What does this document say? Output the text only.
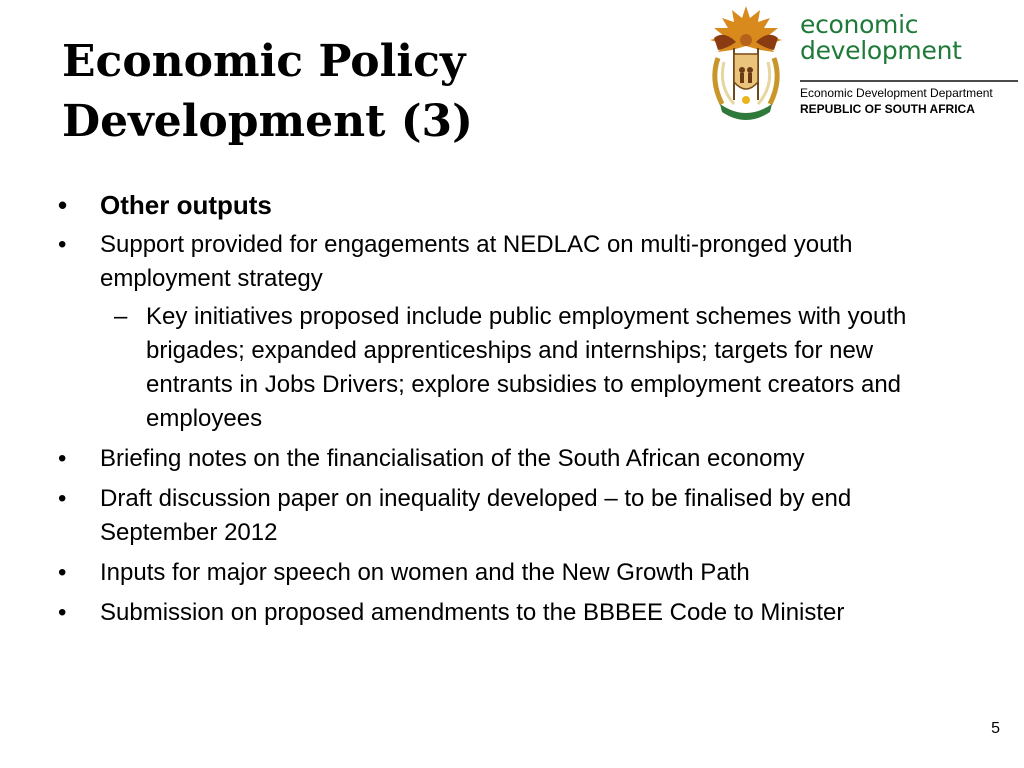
Economic Policy Development (3)
economic
development
Economic Development Department
REPUBLIC OF SOUTH AFRICA
• Other outputs
• Support provided for engagements at NEDLAC on multi-pronged youth employment strategy
– Key initiatives proposed include public employment schemes with youth brigades; expanded apprenticeships and internships; targets for new entrants in Jobs Drivers; explore subsidies to employment creators and employees
• Briefing notes on the financialisation of the South African economy
• Draft discussion paper on inequality developed – to be finalised by end September 2012
• Inputs for major speech on women and the New Growth Path
• Submission on proposed amendments to the BBBEE Code to Minister
5
